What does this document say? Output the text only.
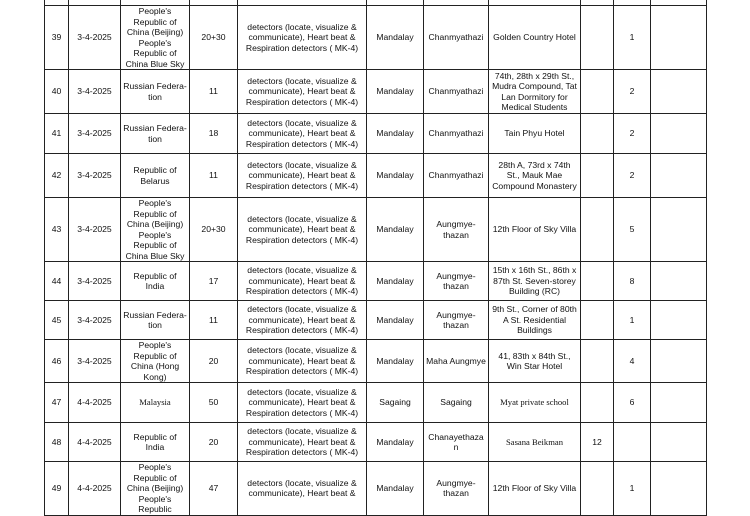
39	3-4-2025	People's Republic of China (Beijing) People's Republic of China Blue Sky	20+30	detectors (locate, visualize & communicate), Heart beat & Respiration detectors ( MK-4)	Mandalay	Chanmyathazi	Golden Country Hotel		1	
40	3-4-2025	Russian Federa-tion	11	detectors (locate, visualize & communicate), Heart beat & Respiration detectors ( MK-4)	Mandalay	Chanmyathazi	74th, 28th x 29th St., Mudra Compound, Tat Lan Dormitory for Medical Students		2	
41	3-4-2025	Russian Federa-tion	18	detectors (locate, visualize & communicate), Heart beat & Respiration detectors ( MK-4)	Mandalay	Chanmyathazi	Tain Phyu Hotel		2	
42	3-4-2025	Republic of Belarus	11	detectors (locate, visualize & communicate), Heart beat & Respiration detectors ( MK-4)	Mandalay	Chanmyathazi	28th A, 73rd x 74th St., Mauk Mae Compound Monastery		2	
43	3-4-2025	People's Republic of China (Beijing) People's Republic of China Blue Sky	20+30	detectors (locate, visualize & communicate), Heart beat & Respiration detectors ( MK-4)	Mandalay	Aungmye-thazan	12th Floor of Sky Villa		5	
44	3-4-2025	Republic of India	17	detectors (locate, visualize & communicate), Heart beat & Respiration detectors ( MK-4)	Mandalay	Aungmye-thazan	15th x 16th St., 86th x 87th St. Seven-storey Building (RC)		8	
45	3-4-2025	Russian Federa-tion	11	detectors (locate, visualize & communicate), Heart beat & Respiration detectors ( MK-4)	Mandalay	Aungmye-thazan	9th St., Corner of 80th A St. Residential Buildings		1	
46	3-4-2025	People's Republic of China (Hong Kong)	20	detectors (locate, visualize & communicate), Heart beat & Respiration detectors ( MK-4)	Mandalay	Maha Aungmye	41, 83th x 84th St., Win Star Hotel		4	
47	4-4-2025	Malaysia	50	detectors (locate, visualize & communicate), Heart beat & Respiration detectors ( MK-4)	Sagaing	Sagaing	Myat private school		6	
48	4-4-2025	Republic of India	20	detectors (locate, visualize & communicate), Heart beat & Respiration detectors ( MK-4)	Mandalay	Chanayethazan	Sasana Beikman	12		
49	4-4-2025	People's Republic of China (Beijing) People's Republic	47	detectors (locate, visualize & communicate), Heart beat &	Mandalay	Aungmye-thazan	12th Floor of Sky Villa		1	
